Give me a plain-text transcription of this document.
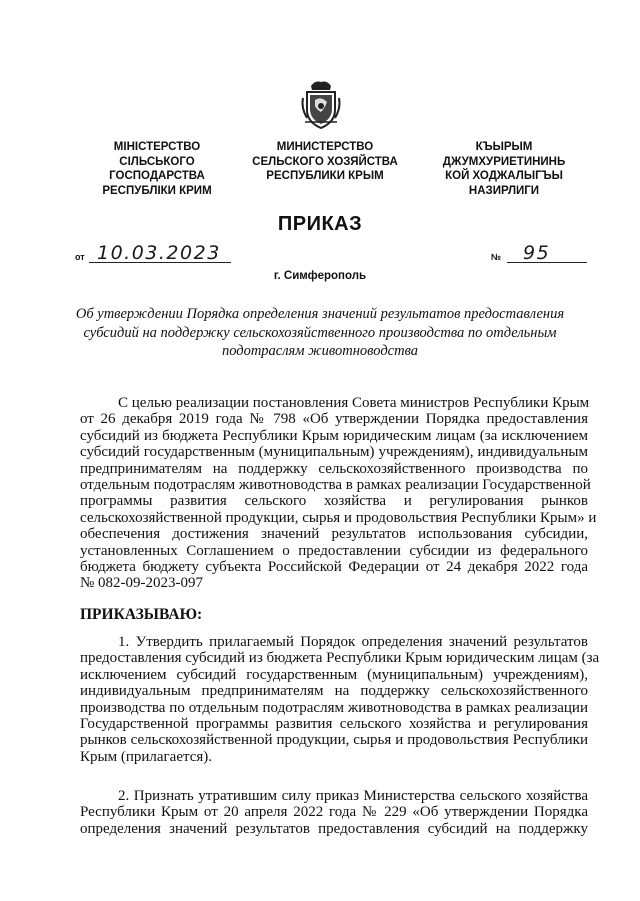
МІНІСТЕРСТВО
СІЛЬСЬКОГО
ГОСПОДАРСТВА
РЕСПУБЛІКИ КРИМ
МИНИСТЕРСТВО
СЕЛЬСКОГО ХОЗЯЙСТВА
РЕСПУБЛИКИ КРЫМ
КЪЫРЫМ
ДЖУМХУРИЕТИНИНЬ
КОЙ ХОДЖАЛЫГЪЫ
НАЗИРЛИГИ
ПРИКАЗ
от 10.03.2023	№ 95
г. Симферополь
Об утверждении Порядка определения значений результатов предоставления
субсидий на поддержку сельскохозяйственного производства по отдельным
подотраслям животноводства
С целью реализации постановления Совета министров Республики Крым
от 26 декабря 2019 года № 798 «Об утверждении Порядка предоставления
субсидий из бюджета Республики Крым юридическим лицам (за исключением
субсидий государственным (муниципальным) учреждениям), индивидуальным
предпринимателям на поддержку сельскохозяйственного производства по
отдельным подотраслям животноводства в рамках реализации Государственной
программы развития сельского хозяйства и регулирования рынков
сельскохозяйственной продукции, сырья и продовольствия Республики Крым» и
обеспечения достижения значений результатов использования субсидии,
установленных Соглашением о предоставлении субсидии из федерального
бюджета бюджету субъекта Российской Федерации от 24 декабря 2022 года
№ 082-09-2023-097
ПРИКАЗЫВАЮ:
1. Утвердить прилагаемый Порядок определения значений результатов
предоставления субсидий из бюджета Республики Крым юридическим лицам (за
исключением субсидий государственным (муниципальным) учреждениям),
индивидуальным предпринимателям на поддержку сельскохозяйственного
производства по отдельным подотраслям животноводства в рамках реализации
Государственной программы развития сельского хозяйства и регулирования
рынков сельскохозяйственной продукции, сырья и продовольствия Республики
Крым (прилагается).
2. Признать утратившим силу приказ Министерства сельского хозяйства
Республики Крым от 20 апреля 2022 года № 229 «Об утверждении Порядка
определения значений результатов предоставления субсидий на поддержку
